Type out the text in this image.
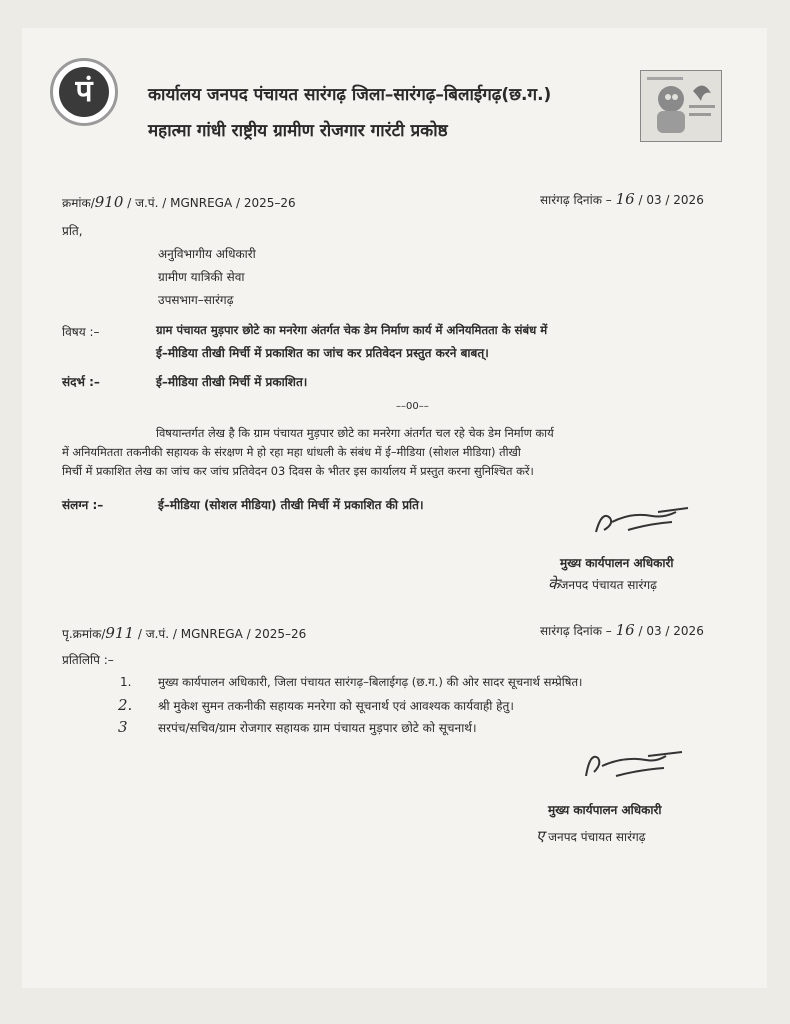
पं	कार्यालय जनपद पंचायत सारंगढ़ जिला–सारंगढ़–बिलाईगढ़(छ.ग.)
महात्मा गांधी राष्ट्रीय ग्रामीण रोजगार गारंटी प्रकोष्ठ
क्रमांक/910 / ज.पं. / MGNREGA / 2025–26	सारंगढ़ दिनांक – 16 / 03 / 2026
प्रति,
अनुविभागीय अधिकारी
ग्रामीण यात्रिकी सेवा
उपसभाग–सारंगढ़
विषय :–	ग्राम पंचायत मुड़पार छोटे का मनरेगा अंतर्गत चेक डेम निर्माण कार्य में अनियमितता के संबंध में
ई–मीडिया तीखी मिर्ची में प्रकाशित का जांच कर प्रतिवेदन प्रस्तुत करने बाबत्।
संदर्भ :–	ई–मीडिया तीखी मिर्ची में प्रकाशित।
––00––
विषयान्तर्गत लेख है कि ग्राम पंचायत मुड़पार छोटे का मनरेगा अंतर्गत चल रहे चेक डेम निर्माण कार्य
में अनियमितता तकनीकी सहायक के संरक्षण मे हो रहा महा धांधली के संबंध में ई–मीडिया (सोशल मीडिया) तीखी
मिर्ची में प्रकाशित लेख का जांच कर जांच प्रतिवेदन 03 दिवस के भीतर इस कार्यालय में प्रस्तुत करना सुनिश्चित करें।
संलग्न :–	ई–मीडिया (सोशल मीडिया) तीखी मिर्ची में प्रकाशित की प्रति।
मुख्य कार्यपालन अधिकारी
केजनपद पंचायत सारंगढ़
पृ.क्रमांक/911 / ज.पं. / MGNREGA / 2025–26	सारंगढ़ दिनांक – 16 / 03 / 2026
प्रतिलिपि :–
1. मुख्य कार्यपालन अधिकारी, जिला पंचायत सारंगढ़–बिलाईगढ़ (छ.ग.) की ओर सादर सूचनार्थ सम्प्रेषित।
2. श्री मुकेश सुमन तकनीकी सहायक मनरेगा को सूचनार्थ एवं आवश्यक कार्यवाही हेतु।
3	सरपंच/सचिव/ग्राम रोजगार सहायक ग्राम पंचायत मुड़पार छोटे को सूचनार्थ।
मुख्य कार्यपालन अधिकारी
ए जनपद पंचायत सारंगढ़
